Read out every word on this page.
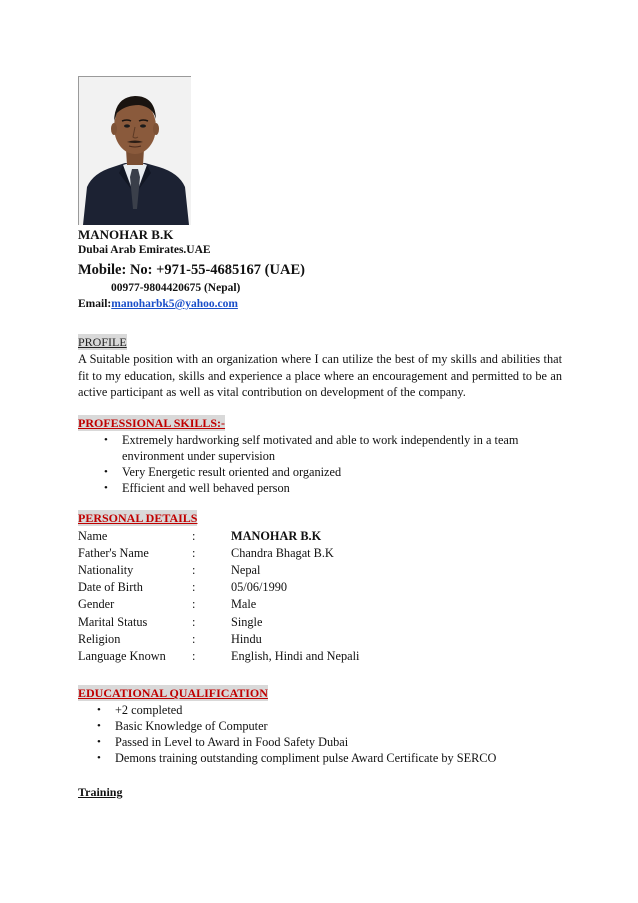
MANOHAR B.K
Dubai Arab Emirates.UAE
Mobile: No: +971-55-4685167 (UAE)
00977-9804420675 (Nepal)
Email:manoharbk5@yahoo.com
PROFILE

A Suitable position with an organization where I can utilize the best of my skills and abilities that fit to my education, skills and experience a place where an encouragement and permitted to be an active participant as well as vital contribution on development of the company.

PROFESSIONAL SKILLS:-
• Extremely hardworking self motivated and able to work independently in a team environment under supervision
• Very Energetic result oriented and organized
• Efficient and well behaved person
PERSONAL DETAILS
Name	:	MANOHAR B.K
Father's Name	:	Chandra Bhagat B.K
Nationality	:	Nepal
Date of Birth	:	05/06/1990
Gender	:	Male
Marital Status	:	Single
Religion	:	Hindu
Language Known	:	English, Hindi and Nepali
EDUCATIONAL QUALIFICATION
• +2 completed
• Basic Knowledge of Computer
• Passed in Level to Award in Food Safety Dubai
• Demons training outstanding compliment pulse Award Certificate by SERCO
Training
